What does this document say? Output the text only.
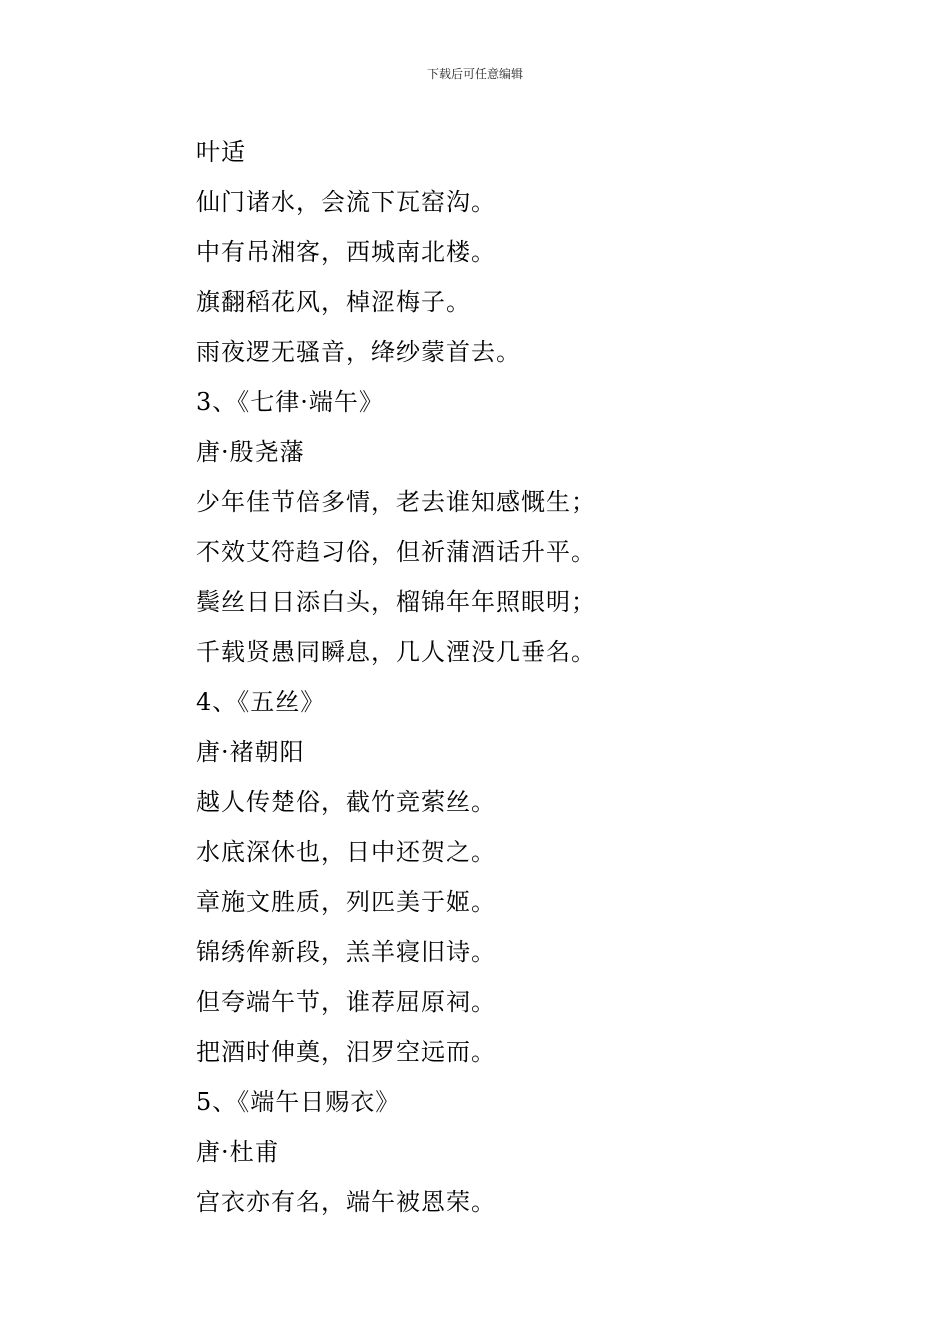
下载后可任意编辑
叶适
仙门诸水，会流下瓦窑沟。
中有吊湘客，西城南北楼。
旗翻稻花风，棹涩梅子。
雨夜逻无骚音，绛纱蒙首去。
3、《七律·端午》
唐·殷尧藩
少年佳节倍多情，老去谁知感慨生；
不效艾符趋习俗，但祈蒲酒话升平。
鬓丝日日添白头，榴锦年年照眼明；
千载贤愚同瞬息，几人湮没几垂名。
4、《五丝》
唐·褚朝阳
越人传楚俗，截竹竞萦丝。
水底深休也，日中还贺之。
章施文胜质，列匹美于姬。
锦绣侔新段，羔羊寝旧诗。
但夸端午节，谁荐屈原祠。
把酒时伸奠，汨罗空远而。
5、《端午日赐衣》
唐·杜甫
宫衣亦有名，端午被恩荣。
